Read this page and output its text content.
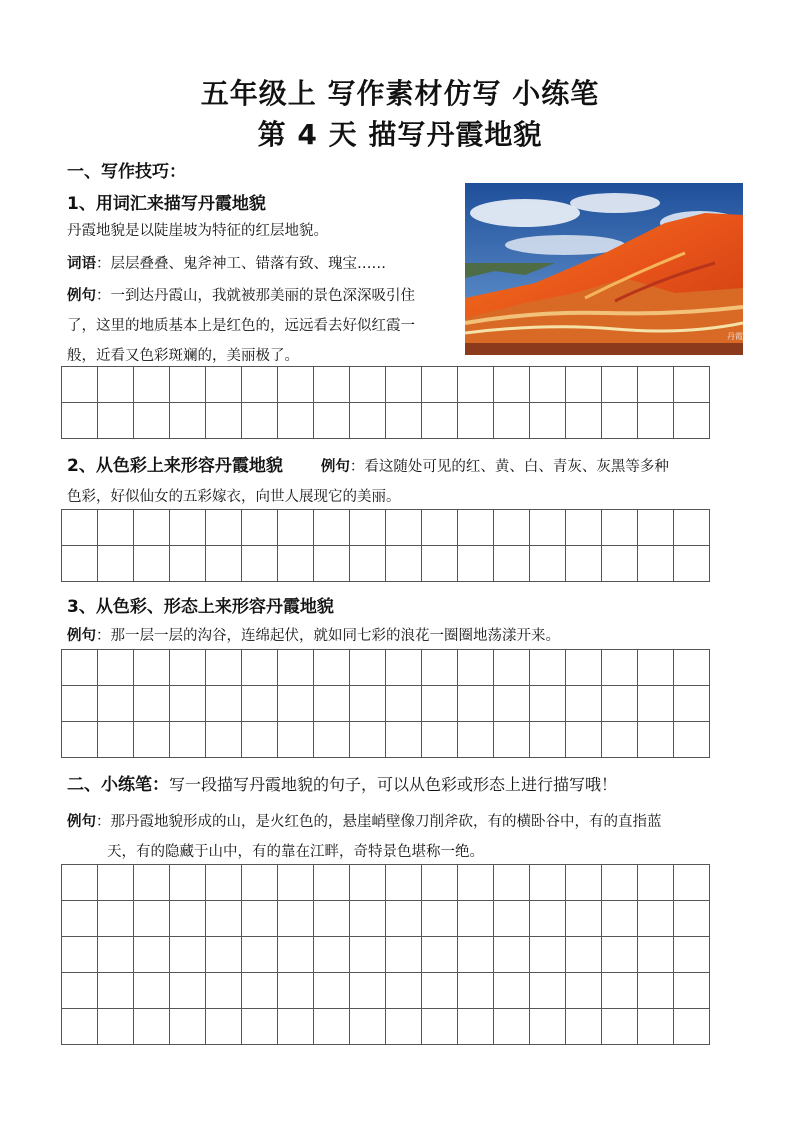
五年级上 写作素材仿写 小练笔
第 4 天 描写丹霞地貌
一、写作技巧：
1、用词汇来描写丹霞地貌
丹霞地貌是以陡崖坡为特征的红层地貌。
词语：层层叠叠、鬼斧神工、错落有致、瑰宝……
例句：一到达丹霞山，我就被那美丽的景色深深吸引住
了，这里的地质基本上是红色的，远远看去好似红霞一
般，近看又色彩斑斓的，美丽极了。
丹霞

2、从色彩上来形容丹霞地貌	例句：看这随处可见的红、黄、白、青灰、灰黑等多种
色彩，好似仙女的五彩嫁衣，向世人展现它的美丽。

3、从色彩、形态上来形容丹霞地貌
例句：那一层一层的沟谷，连绵起伏，就如同七彩的浪花一圈圈地荡漾开来。

二、小练笔：写一段描写丹霞地貌的句子，可以从色彩或形态上进行描写哦！
例句：那丹霞地貌形成的山，是火红色的，悬崖峭壁像刀削斧砍，有的横卧谷中，有的直指蓝
天，有的隐藏于山中，有的靠在江畔，奇特景色堪称一绝。
